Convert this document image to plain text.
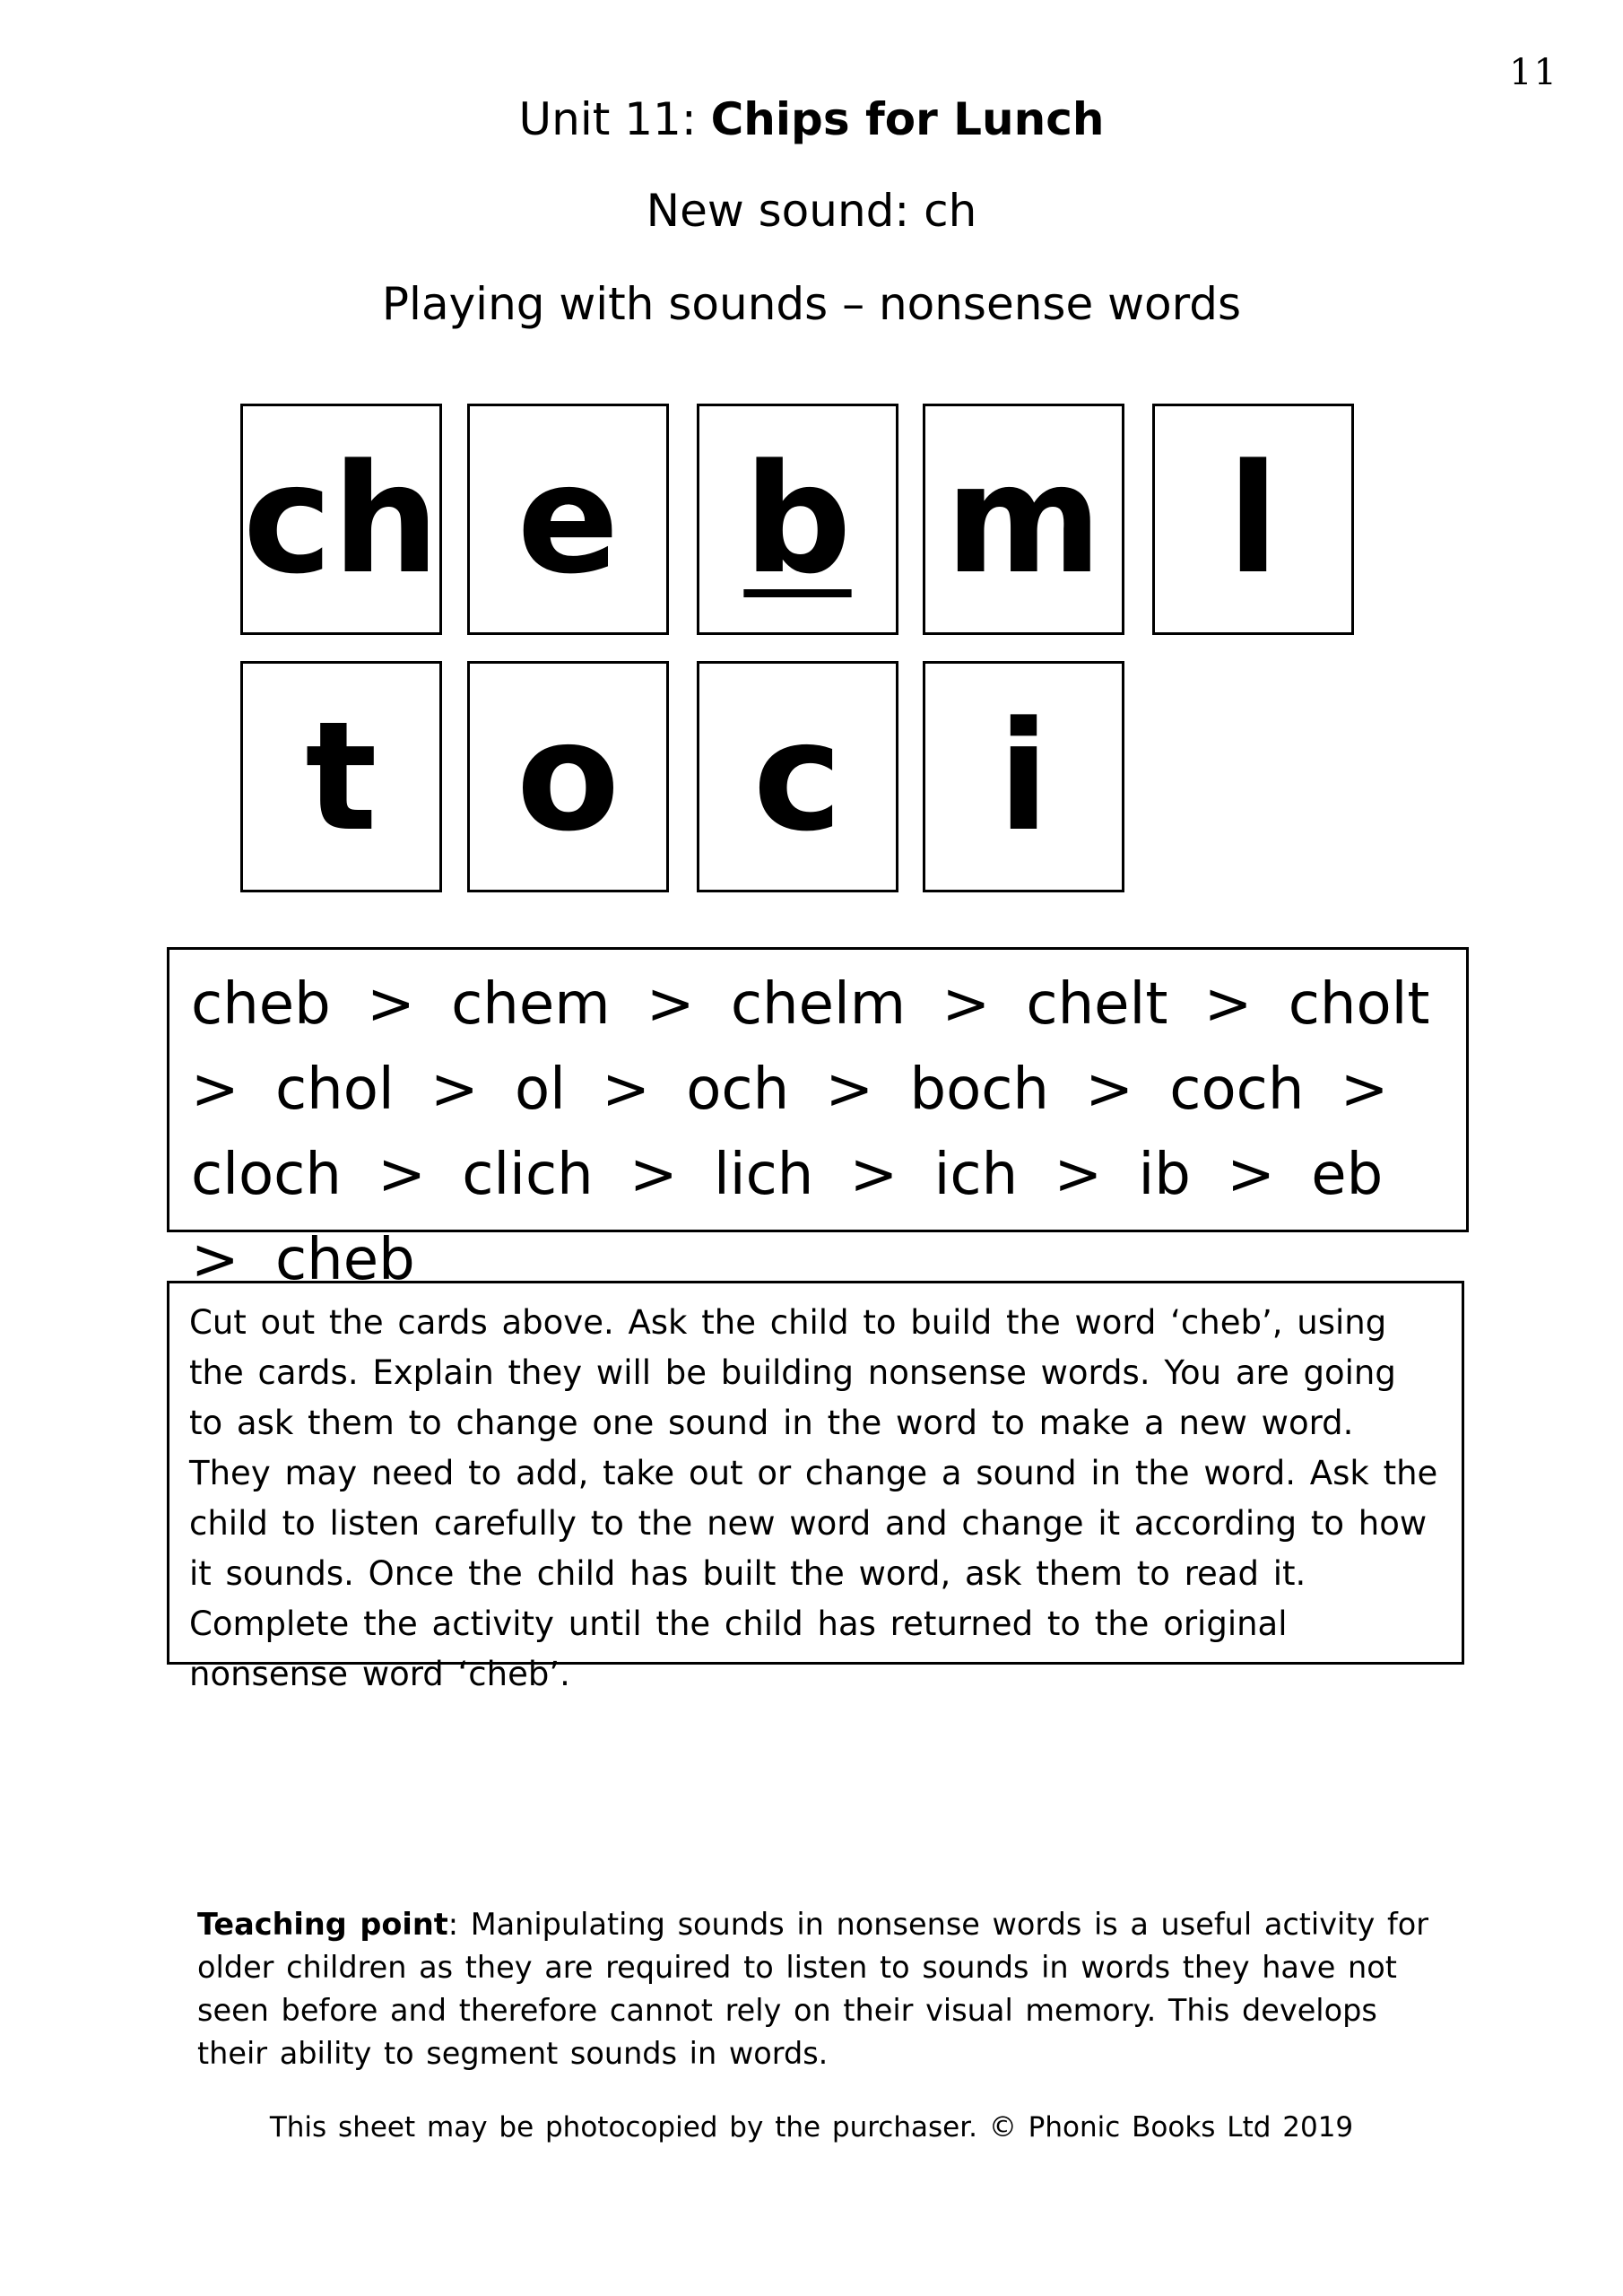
11
Unit 11: Chips for Lunch
New sound: ch
Playing with sounds – nonsense words
ch e b m l
t o c i
cheb > chem > chelm > chelt > cholt > chol > ol > och > boch > coch > cloch > clich > lich > ich > ib > eb > cheb
Cut out the cards above. Ask the child to build the word ‘cheb’, using the cards. Explain they will be building nonsense words. You are going to ask them to change one sound in the word to make a new word. They may need to add, take out or change a sound in the word. Ask the child to listen carefully to the new word and change it according to how it sounds. Once the child has built the word, ask them to read it. Complete the activity until the child has returned to the original nonsense word ‘cheb’.
Teaching point: Manipulating sounds in nonsense words is a useful activity for older children as they are required to listen to sounds in words they have not seen before and therefore cannot rely on their visual memory. This develops their ability to segment sounds in words.
This sheet may be photocopied by the purchaser. © Phonic Books Ltd 2019
